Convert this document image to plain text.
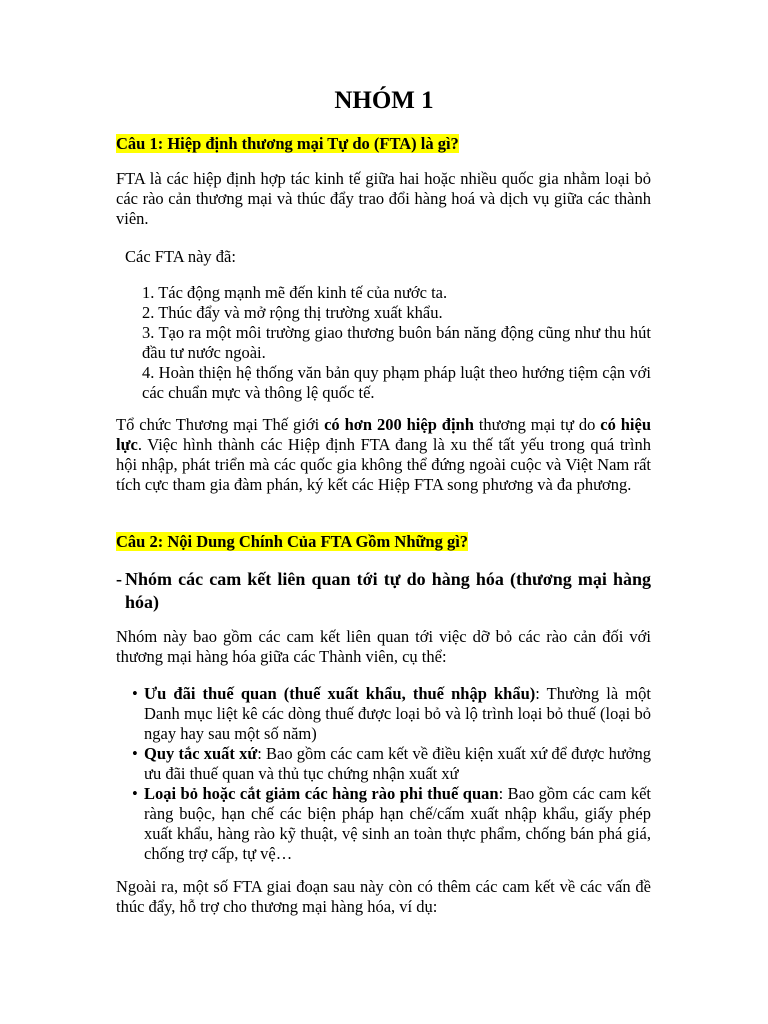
NHÓM 1
Câu 1: Hiệp định thương mại Tự do (FTA) là gì?
FTA là các hiệp định hợp tác kinh tế giữa hai hoặc nhiều quốc gia nhằm loại bỏ các rào cản thương mại và thúc đẩy trao đổi hàng hoá và dịch vụ giữa các thành viên.
Các FTA này đã:
1. Tác động mạnh mẽ đến kinh tế của nước ta.
2. Thúc đẩy và mở rộng thị trường xuất khẩu.
3. Tạo ra một môi trường giao thương buôn bán năng động cũng như thu hút đầu tư nước ngoài.
4. Hoàn thiện hệ thống văn bản quy phạm pháp luật theo hướng tiệm cận với các chuẩn mực và thông lệ quốc tế.
Tổ chức Thương mại Thế giới có hơn 200 hiệp định thương mại tự do có hiệu lực. Việc hình thành các Hiệp định FTA đang là xu thế tất yếu trong quá trình hội nhập, phát triển mà các quốc gia không thể đứng ngoài cuộc và Việt Nam rất tích cực tham gia đàm phán, ký kết các Hiệp FTA song phương và đa phương.
Câu 2: Nội Dung Chính Của FTA Gồm Những gì?
- Nhóm các cam kết liên quan tới tự do hàng hóa (thương mại hàng hóa)
Nhóm này bao gồm các cam kết liên quan tới việc dỡ bỏ các rào cản đối với thương mại hàng hóa giữa các Thành viên, cụ thể:
• Ưu đãi thuế quan (thuế xuất khẩu, thuế nhập khẩu): Thường là một Danh mục liệt kê các dòng thuế được loại bỏ và lộ trình loại bỏ thuế (loại bỏ ngay hay sau một số năm)
• Quy tắc xuất xứ: Bao gồm các cam kết về điều kiện xuất xứ để được hưởng ưu đãi thuế quan và thủ tục chứng nhận xuất xứ
• Loại bỏ hoặc cắt giảm các hàng rào phi thuế quan: Bao gồm các cam kết ràng buộc, hạn chế các biện pháp hạn chế/cấm xuất nhập khẩu, giấy phép xuất khẩu, hàng rào kỹ thuật, vệ sinh an toàn thực phẩm, chống bán phá giá, chống trợ cấp, tự vệ…
Ngoài ra, một số FTA giai đoạn sau này còn có thêm các cam kết về các vấn đề thúc đẩy, hỗ trợ cho thương mại hàng hóa, ví dụ:
